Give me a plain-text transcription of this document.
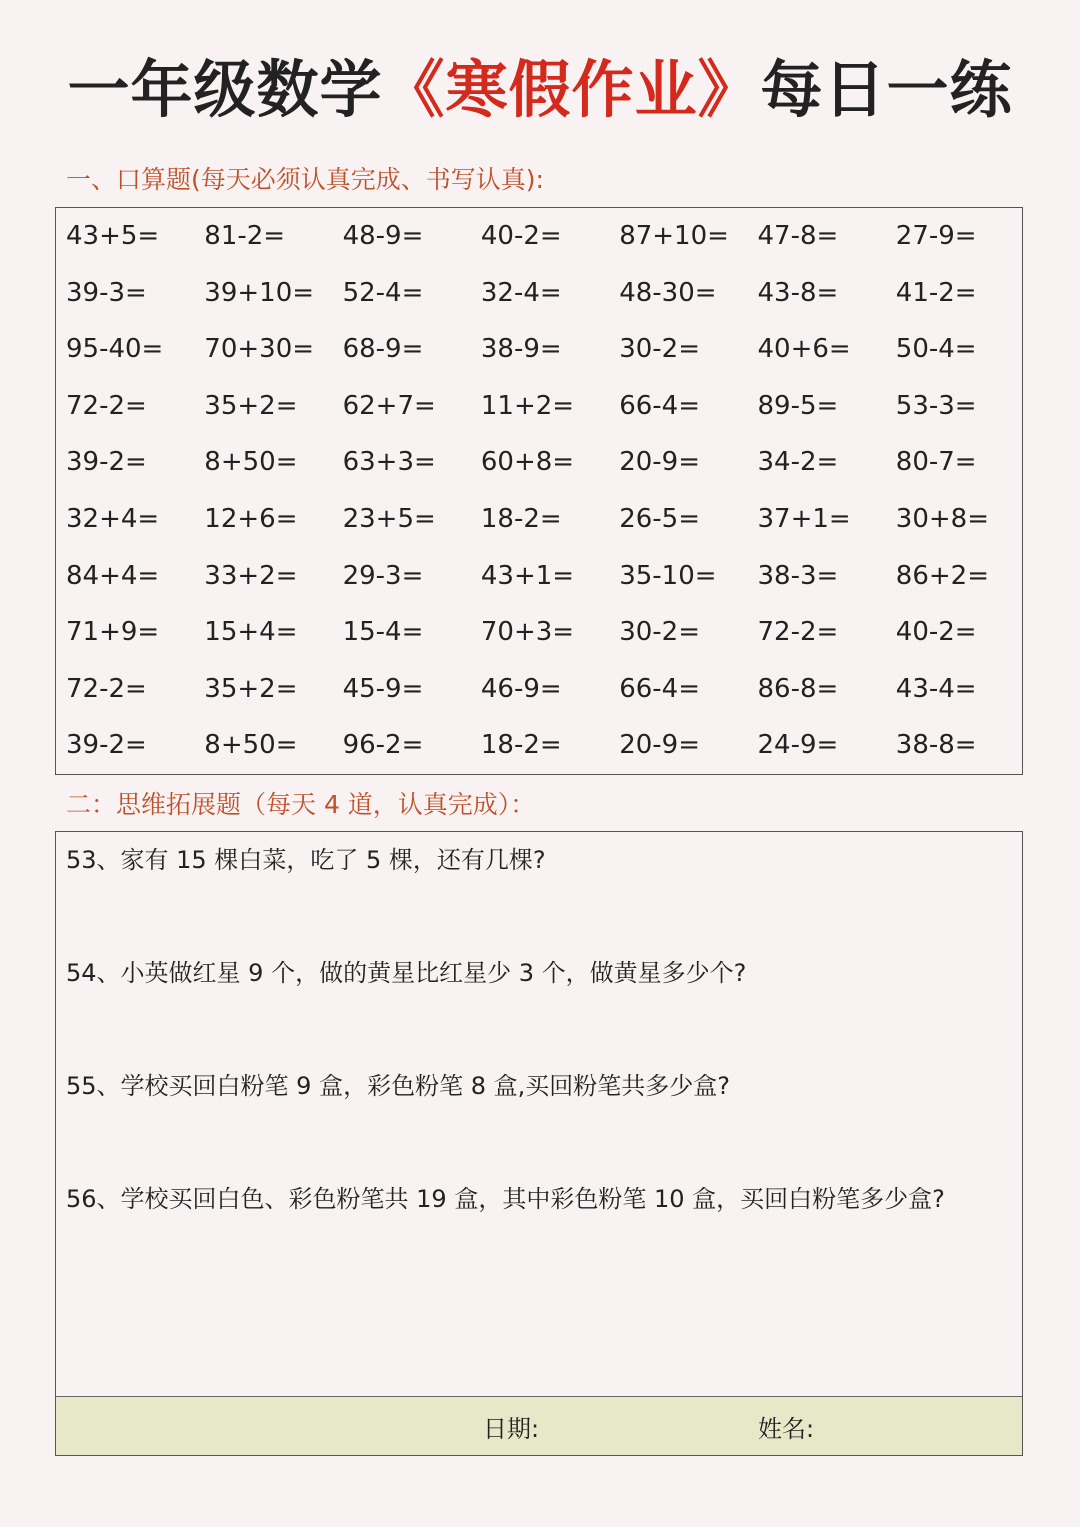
一年级数学《寒假作业》每日一练
一、口算题(每天必须认真完成、书写认真):
43+5=	81-2=	48-9=	40-2=	87+10=	47-8=	27-9=
39-3=	39+10=	52-4=	32-4=	48-30=	43-8=	41-2=
95-40=	70+30=	68-9=	38-9=	30-2=	40+6=	50-4=
72-2=	35+2=	62+7=	11+2=	66-4=	89-5=	53-3=
39-2=	8+50=	63+3=	60+8=	20-9=	34-2=	80-7=
32+4=	12+6=	23+5=	18-2=	26-5=	37+1=	30+8=
84+4=	33+2=	29-3=	43+1=	35-10=	38-3=	86+2=
71+9=	15+4=	15-4=	70+3=	30-2=	72-2=	40-2=
72-2=	35+2=	45-9=	46-9=	66-4=	86-8=	43-4=
39-2=	8+50=	96-2=	18-2=	20-9=	24-9=	38-8=
二：思维拓展题（每天 4 道，认真完成）：
53、家有 15 棵白菜，吃了 5 棵，还有几棵?
54、小英做红星 9 个，做的黄星比红星少 3 个，做黄星多少个?
55、学校买回白粉笔 9 盒，彩色粉笔 8 盒,买回粉笔共多少盒?
56、学校买回白色、彩色粉笔共 19 盒，其中彩色粉笔 10 盒，买回白粉笔多少盒?
日期:	姓名:
